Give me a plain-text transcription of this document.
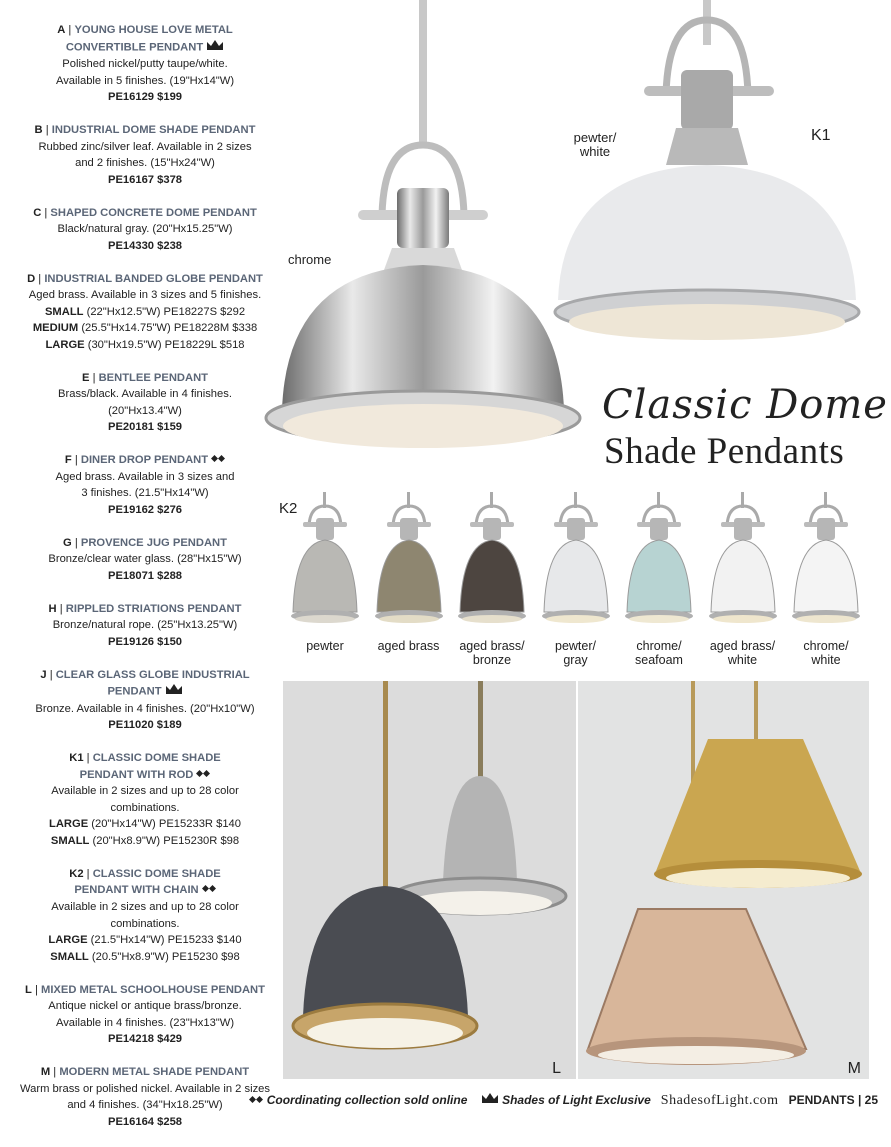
A | YOUNG HOUSE LOVE METAL
CONVERTIBLE PENDANT
Polished nickel/putty taupe/white.
Available in 5 finishes. (19"Hx14"W)
PE16129 $199
B | INDUSTRIAL DOME SHADE PENDANT
Rubbed zinc/silver leaf. Available in 2 sizes
and 2 finishes. (15"Hx24"W)
PE16167 $378
C | SHAPED CONCRETE DOME PENDANT
Black/natural gray. (20"Hx15.25"W)
PE14330 $238
D | INDUSTRIAL BANDED GLOBE PENDANT
Aged brass. Available in 3 sizes and 5 finishes.
SMALL (22"Hx12.5"W) PE18227S $292
MEDIUM (25.5"Hx14.75"W) PE18228M $338
LARGE (30"Hx19.5"W) PE18229L $518
E | BENTLEE PENDANT
Brass/black. Available in 4 finishes. (20"Hx13.4"W)
PE20181 $159
F | DINER DROP PENDANT
Aged brass. Available in 3 sizes and
3 finishes. (21.5"Hx14"W)
PE19162 $276
G | PROVENCE JUG PENDANT
Bronze/clear water glass. (28"Hx15"W)
PE18071 $288
H | RIPPLED STRIATIONS PENDANT
Bronze/natural rope. (25"Hx13.25"W)
PE19126 $150
J | CLEAR GLASS GLOBE INDUSTRIAL
PENDANT
Bronze. Available in 4 finishes. (20"Hx10"W)
PE11020 $189
K1 | CLASSIC DOME SHADE
PENDANT WITH ROD
Available in 2 sizes and up to 28 color combinations.
LARGE (20"Hx14"W) PE15233R $140
SMALL (20"Hx8.9"W) PE15230R $98
K2 | CLASSIC DOME SHADE
PENDANT WITH CHAIN
Available in 2 sizes and up to 28 color combinations.
LARGE (21.5"Hx14"W) PE15233 $140
SMALL (20.5"Hx8.9"W) PE15230 $98
L | MIXED METAL SCHOOLHOUSE PENDANT
Antique nickel or antique brass/bronze.
Available in 4 finishes. (23"Hx13"W)
PE14218 $429
M | MODERN METAL SHADE PENDANT
Warm brass or polished nickel. Available in 2 sizes
and 4 finishes. (34"Hx18.25"W)
PE16164 $258
chrome
pewter/
white
K1
Classic Dome
Shade Pendants
K2
pewter	aged brass	aged brass/
bronze
pewter/
gray
chrome/
seafoam
aged brass/
white
chrome/
white
L	M
Coordinating collection sold online	Shades of Light Exclusive ShadesofLight.com PENDANTS | 25
